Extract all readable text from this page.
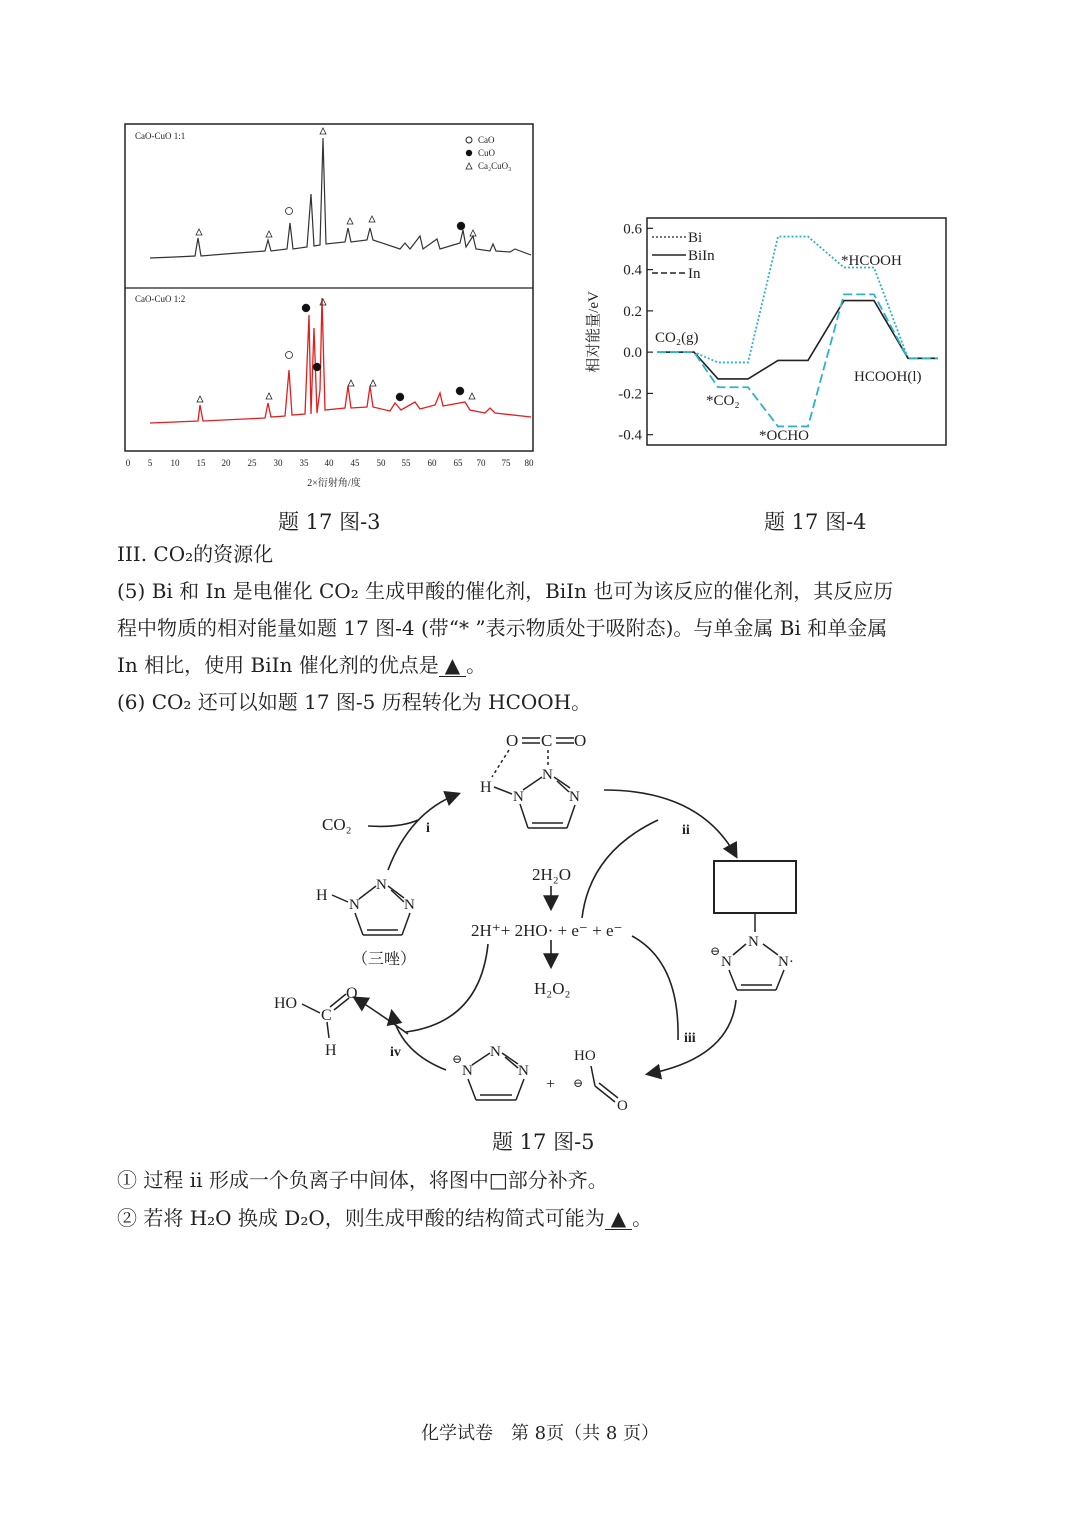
CaO-CuO 1:1
CaO-CuO 1:2
CaO
CuO
Ca₂CuO₃
0 5 10 15 20 25 30 35 40 45 50 55 60 65 70 75 80
2×衍射角/度
题 17 图-3
相对能量/eV
-0.4
-0.2
0.0
0.2
0.4
0.6
Bi
BiIn
In
CO₂(g)
*CO₂
*OCHO
*HCOOH
HCOOH(l)
题 17 图-4
III. CO₂的资源化
(5) Bi 和 In 是电催化 CO₂ 生成甲酸的催化剂，BiIn 也可为该反应的催化剂，其反应历
程中物质的相对能量如题 17 图-4 (带“* ”表示物质处于吸附态)。与单金属 Bi 和单金属
In 相比，使用 BiIn 催化剂的优点是 ▲ 。
(6) CO₂ 还可以如题 17 图-5 历程转化为 HCOOH。
O C O
H
N
N
N
H
N
N
N
（三唑）
N
N
⊖
N·
⊖
N
N
N
+
HO
⊖
O
HO
C
O
H
CO₂	i	ii
iii
iv
2H₂O
2H⁺+ 2HO· + e⁻ + e⁻
H₂O₂
题 17 图-5
① 过程 ii 形成一个负离子中间体，将图中□部分补齐。
② 若将 H₂O 换成 D₂O，则生成甲酸的结构简式可能为 ▲ 。
化学试卷　第 8页（共 8 页）
